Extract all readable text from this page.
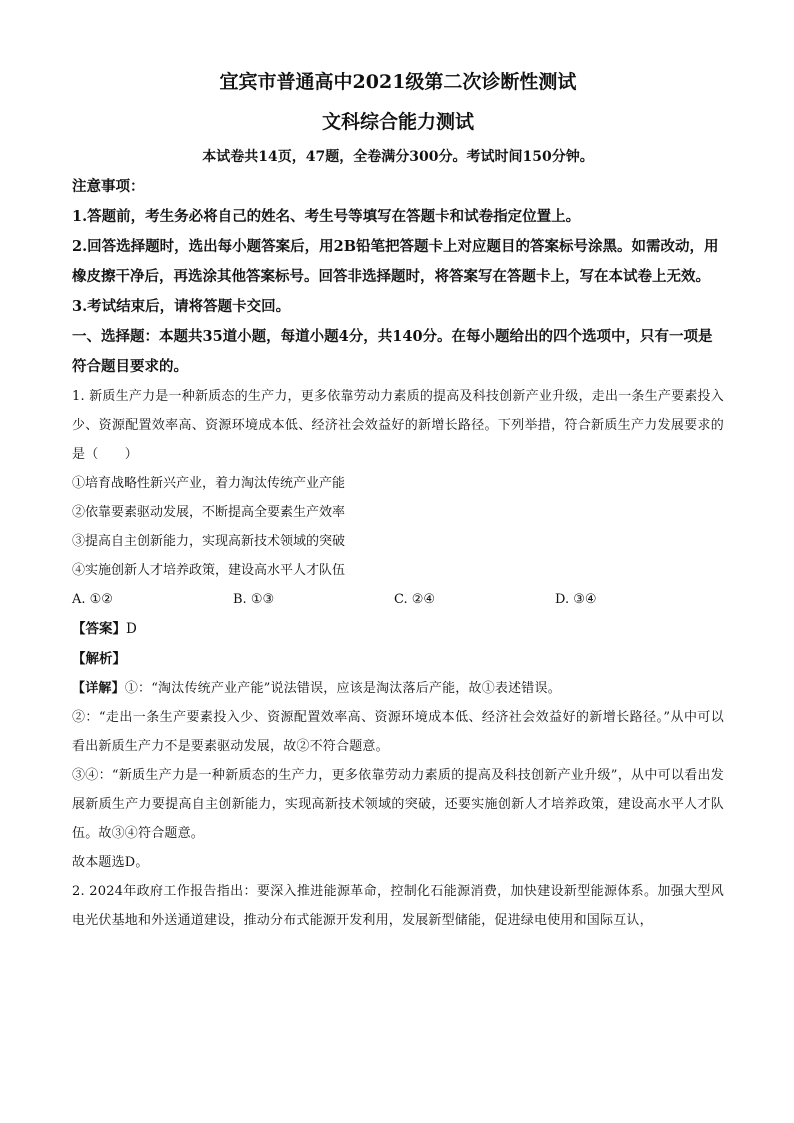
宜宾市普通高中2021级第二次诊断性测试
文科综合能力测试
本试卷共14页，47题，全卷满分300分。考试时间150分钟。

注意事项：

1.答题前，考生务必将自己的姓名、考生号等填写在答题卡和试卷指定位置上。

2.回答选择题时，选出每小题答案后，用2B铅笔把答题卡上对应题目的答案标号涂黑。如需改动，用橡皮擦干净后，再选涂其他答案标号。回答非选择题时，将答案写在答题卡上，写在本试卷上无效。

3.考试结束后，请将答题卡交回。

一、选择题：本题共35道小题，每道小题4分，共140分。在每小题给出的四个选项中，只有一项是符合题目要求的。

1. 新质生产力是一种新质态的生产力，更多依靠劳动力素质的提高及科技创新产业升级，走出一条生产要素投入少、资源配置效率高、资源环境成本低、经济社会效益好的新增长路径。下列举措，符合新质生产力发展要求的是（　　）

①培育战略性新兴产业，着力淘汰传统产业产能

②依靠要素驱动发展，不断提高全要素生产效率

③提高自主创新能力，实现高新技术领域的突破

④实施创新人才培养政策，建设高水平人才队伍

A. ①②	B. ①③	C. ②④	D. ③④

【答案】D

【解析】

【详解】①：“淘汰传统产业产能”说法错误，应该是淘汰落后产能，故①表述错误。

②：“走出一条生产要素投入少、资源配置效率高、资源环境成本低、经济社会效益好的新增长路径。”从中可以看出新质生产力不是要素驱动发展，故②不符合题意。

③④：“新质生产力是一种新质态的生产力，更多依靠劳动力素质的提高及科技创新产业升级”，从中可以看出发展新质生产力要提高自主创新能力，实现高新技术领域的突破，还要实施创新人才培养政策，建设高水平人才队伍。故③④符合题意。

故本题选D。

2. 2024年政府工作报告指出：要深入推进能源革命，控制化石能源消费，加快建设新型能源体系。加强大型风电光伏基地和外送通道建设，推动分布式能源开发利用，发展新型储能，促进绿电使用和国际互认，
